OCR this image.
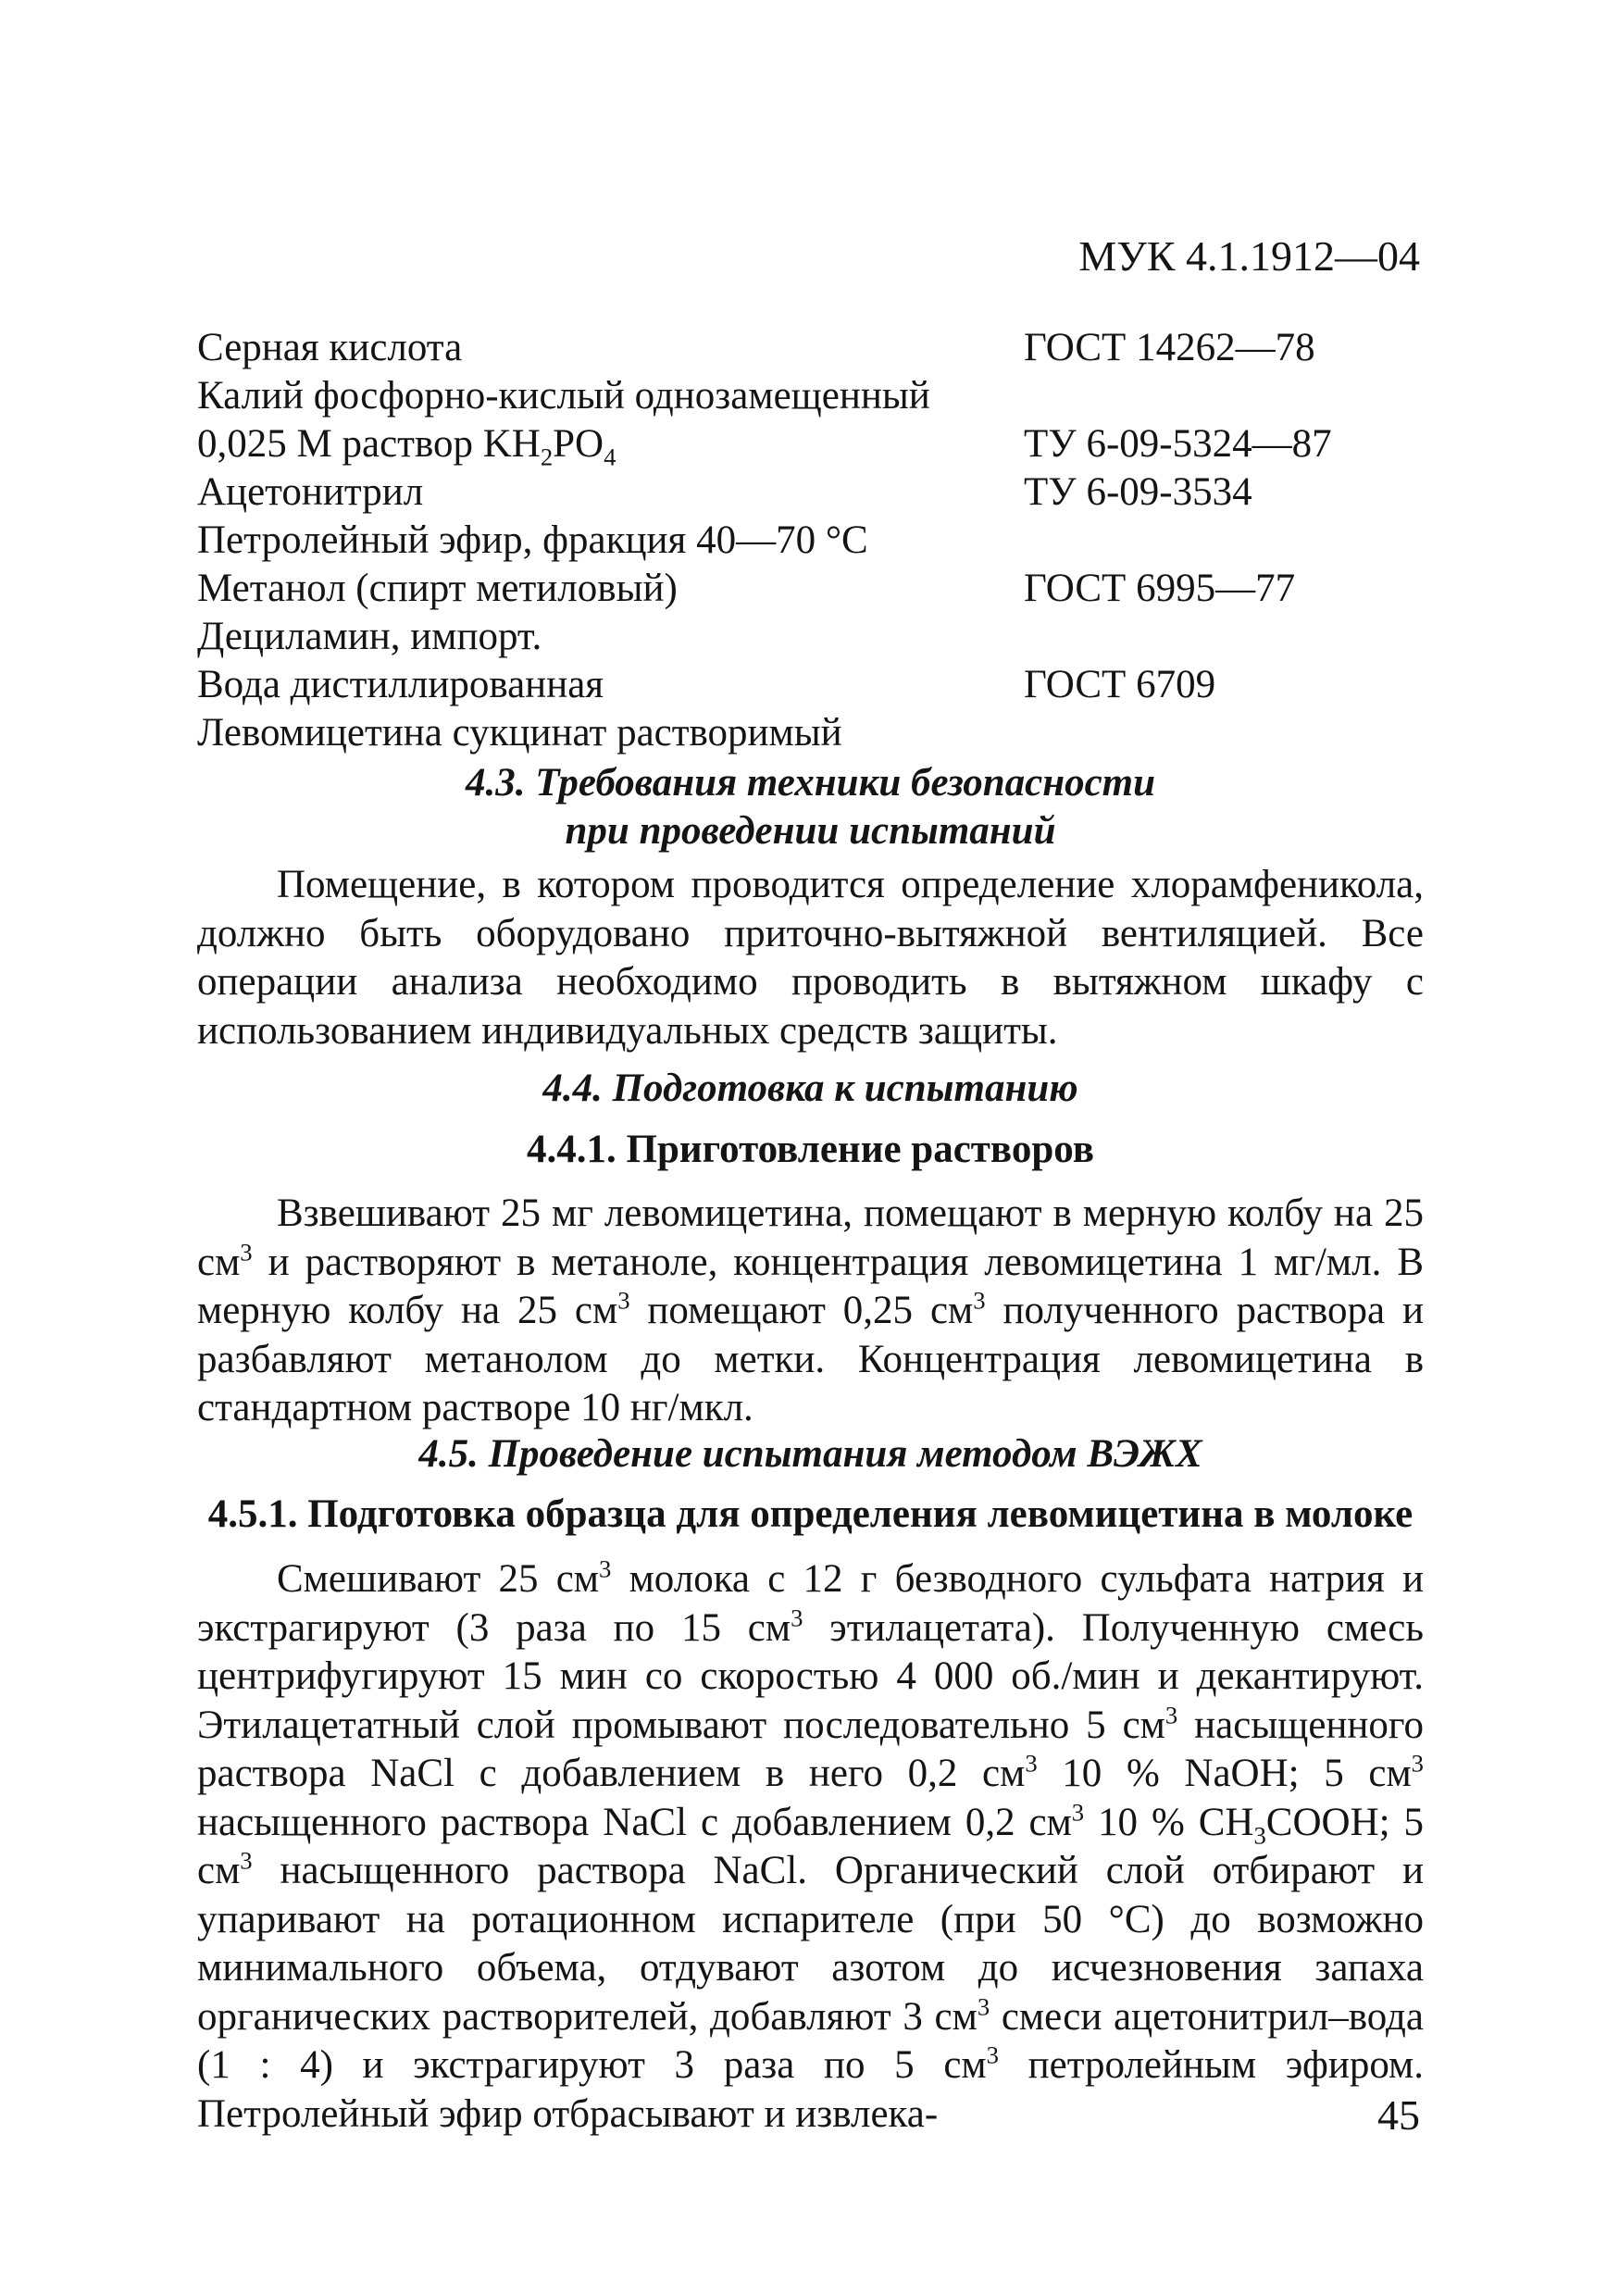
МУК 4.1.1912—04
Серная кислота	ГОСТ 14262—78
Калий фосфорно-кислый однозамещенный
0,025 М раствор $KH_2PO_4$	ТУ 6-09-5324—87
Ацетонитрил	ТУ 6-09-3534
Петролейный эфир, фракция 40—70 °С
Метанол (спирт метиловый)	ГОСТ 6995—77
Дециламин, импорт.
Вода дистиллированная	ГОСТ 6709
Левомицетина сукцинат растворимый
4.3. Требования техники безопасности
при проведении испытаний

Помещение, в котором проводится определение хлорамфеникола, должно быть оборудовано приточно-вытяжной вентиляцией. Все операции анализа необходимо проводить в вытяжном шкафу с использованием индивидуальных средств защиты.

4.4. Подготовка к испытанию
4.4.1. Приготовление растворов

Взвешивают 25 мг левомицетина, помещают в мерную колбу на 25 $см^3$ и растворяют в метаноле, концентрация левомицетина 1 мг/мл. В мерную колбу на 25 $см^3$ помещают 0,25 $см^3$ полученного раствора и разбавляют метанолом до метки. Концентрация левомицетина в стандартном растворе 10 нг/мкл.

4.5. Проведение испытания методом ВЭЖХ
4.5.1. Подготовка образца для определения левомицетина в молоке

Смешивают 25 $см^3$ молока с 12 г безводного сульфата натрия и экстрагируют (3 раза по 15 $см^3$ этилацетата). Полученную смесь центрифугируют 15 мин со скоростью 4 000 об./мин и декантируют. Этилацетатный слой промывают последовательно 5 $см^3$ насыщенного раствора NaCl с добавлением в него 0,2 $см^3$ 10 % NaOH; 5 $см^3$ насыщенного раствора NaCl с добавлением 0,2 $см^3$ 10 % $CH_3COOH$; 5 $см^3$ насыщенного раствора NaCl. Органический слой отбирают и упаривают на ротационном испарителе (при 50 °С) до возможно минимального объема, отдувают азотом до исчезновения запаха органических растворителей, добавляют 3 $см^3$ смеси ацетонитрил–вода (1 : 4) и экстрагируют 3 раза по 5 $см^3$ петролейным эфиром. Петролейный эфир отбрасывают и извлека-	45
